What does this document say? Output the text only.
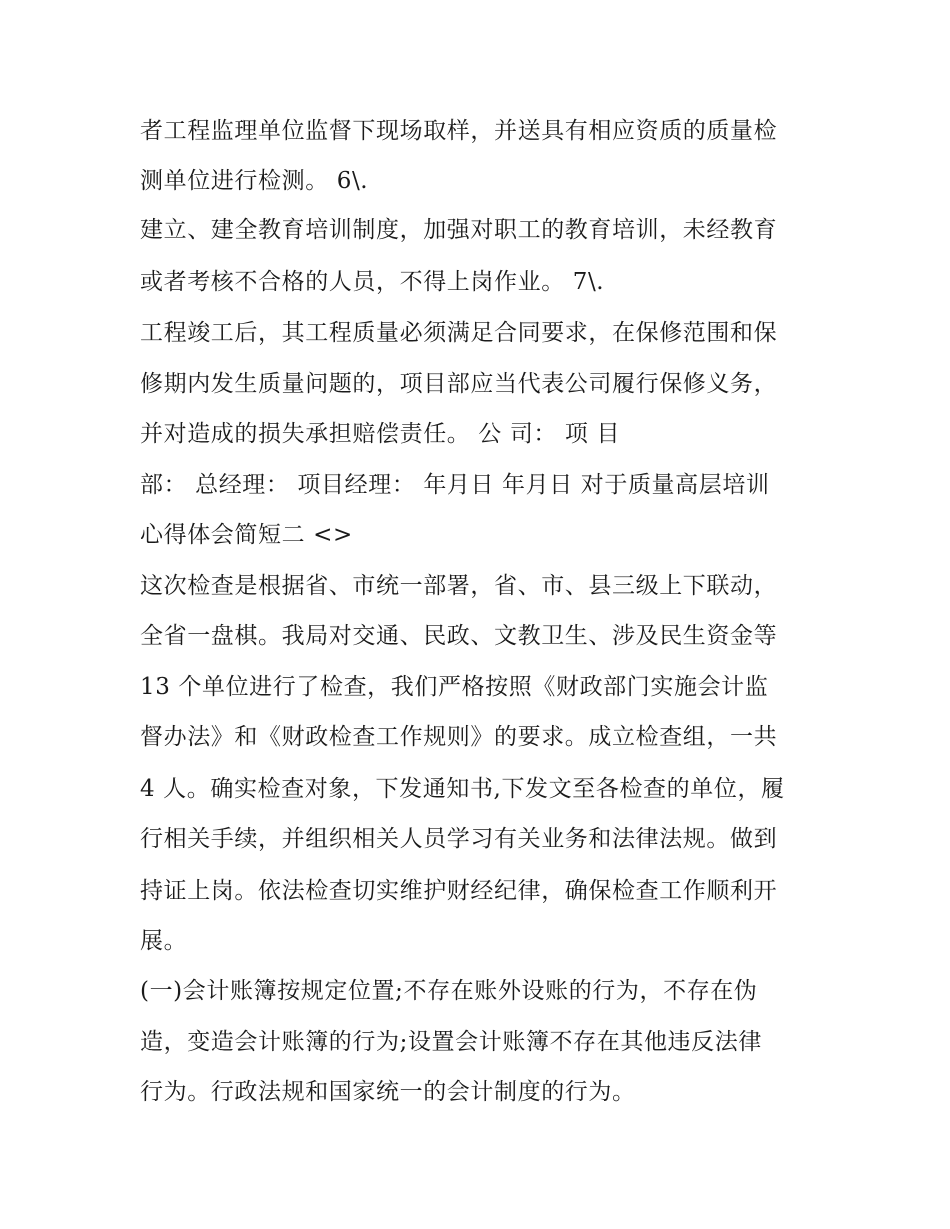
者工程监理单位监督下现场取样，并送具有相应资质的质量检
测单位进行检测。 6\.
建立、建全教育培训制度，加强对职工的教育培训，未经教育
或者考核不合格的人员，不得上岗作业。 7\.
工程竣工后，其工程质量必须满足合同要求，在保修范围和保
修期内发生质量问题的，项目部应当代表公司履行保修义务，
并对造成的损失承担赔偿责任。 公 司： 项 目
部： 总经理： 项目经理： 年月日 年月日 对于质量高层培训
心得体会简短二 <>
这次检查是根据省、市统一部署，省、市、县三级上下联动，
全省一盘棋。我局对交通、民政、文教卫生、涉及民生资金等
13 个单位进行了检查，我们严格按照《财政部门实施会计监
督办法》和《财政检查工作规则》的要求。成立检查组，一共
4 人。确实检查对象，下发通知书,下发文至各检查的单位，履
行相关手续，并组织相关人员学习有关业务和法律法规。做到
持证上岗。依法检查切实维护财经纪律，确保检查工作顺利开
展。
(一)会计账簿按规定位置;不存在账外设账的行为，不存在伪
造，变造会计账簿的行为;设置会计账簿不存在其他违反法律
行为。行政法规和国家统一的会计制度的行为。
